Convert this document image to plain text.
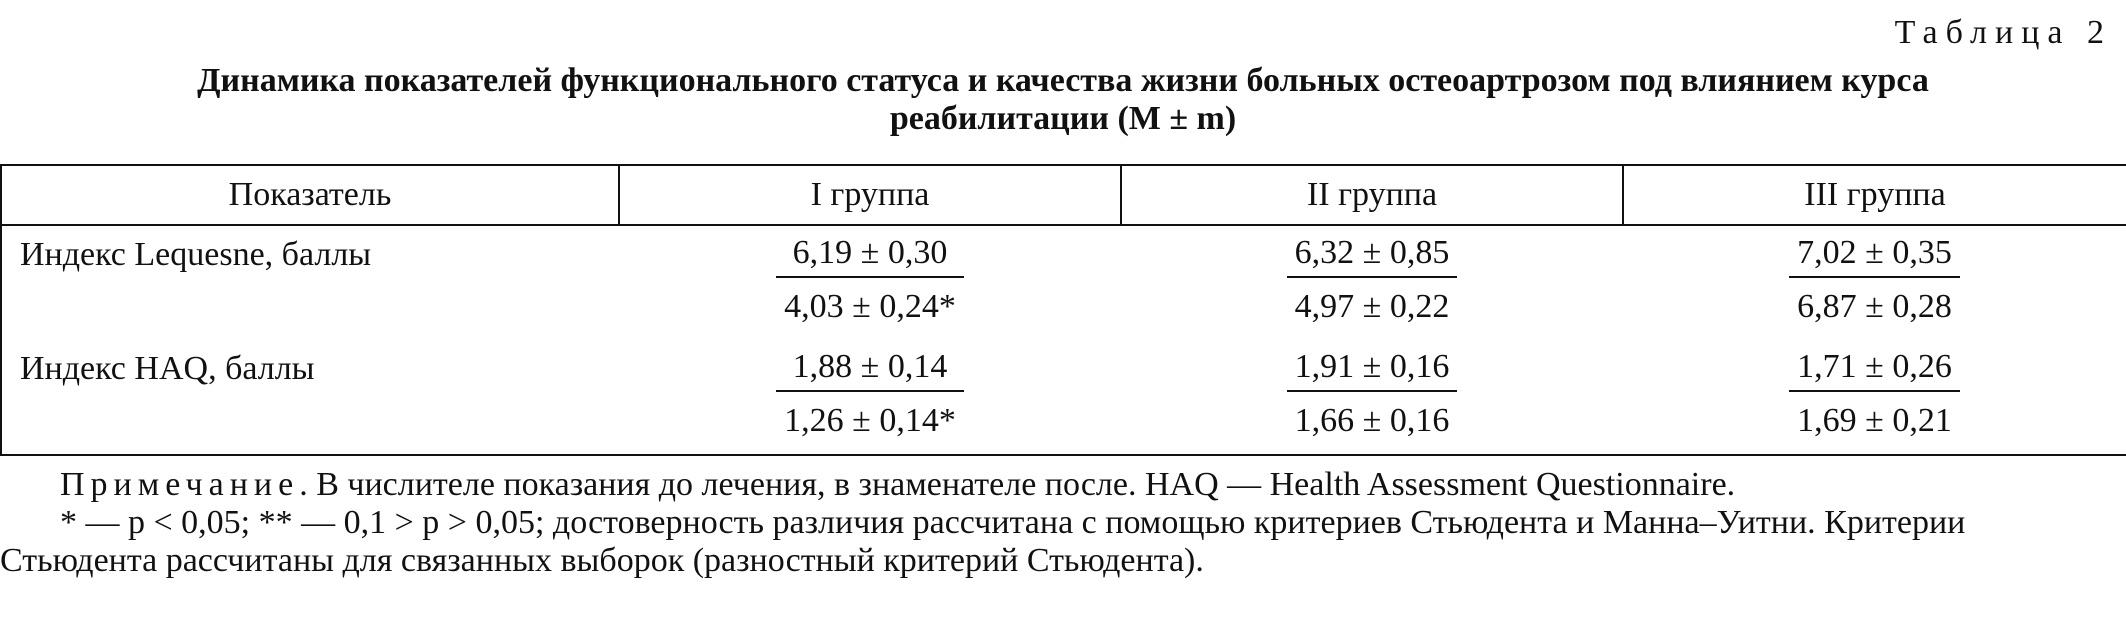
Таблица 2
Динамика показателей функционального статуса и качества жизни больных остеоартрозом под влиянием курса
реабилитации (M ± m)
Показатель	I группа	II группа	III группа

Индекс Lequesne, баллы	$\frac{6,19 \pm 0,30}{4,03 \pm 0,24*}$	$\frac{6,32 \pm 0,85}{4,97 \pm 0,22}$	$\frac{7,02 \pm 0,35}{6,87 \pm 0,28}$

Индекс HAQ, баллы	$\frac{1,88 \pm 0,14}{1,26 \pm 0,14*}$	$\frac{1,91 \pm 0,16}{1,66 \pm 0,16}$	$\frac{1,71 \pm 0,26}{1,69 \pm 0,21}$
Примечание. В числителе показания до лечения, в знаменателе после. HAQ — Health Assessment Questionnaire.
* — p < 0,05; ** — 0,1 > p > 0,05; достоверность различия рассчитана с помощью критериев Стьюдента и Манна–Уитни. Критерии
Стьюдента рассчитаны для связанных выборок (разностный критерий Стьюдента).
